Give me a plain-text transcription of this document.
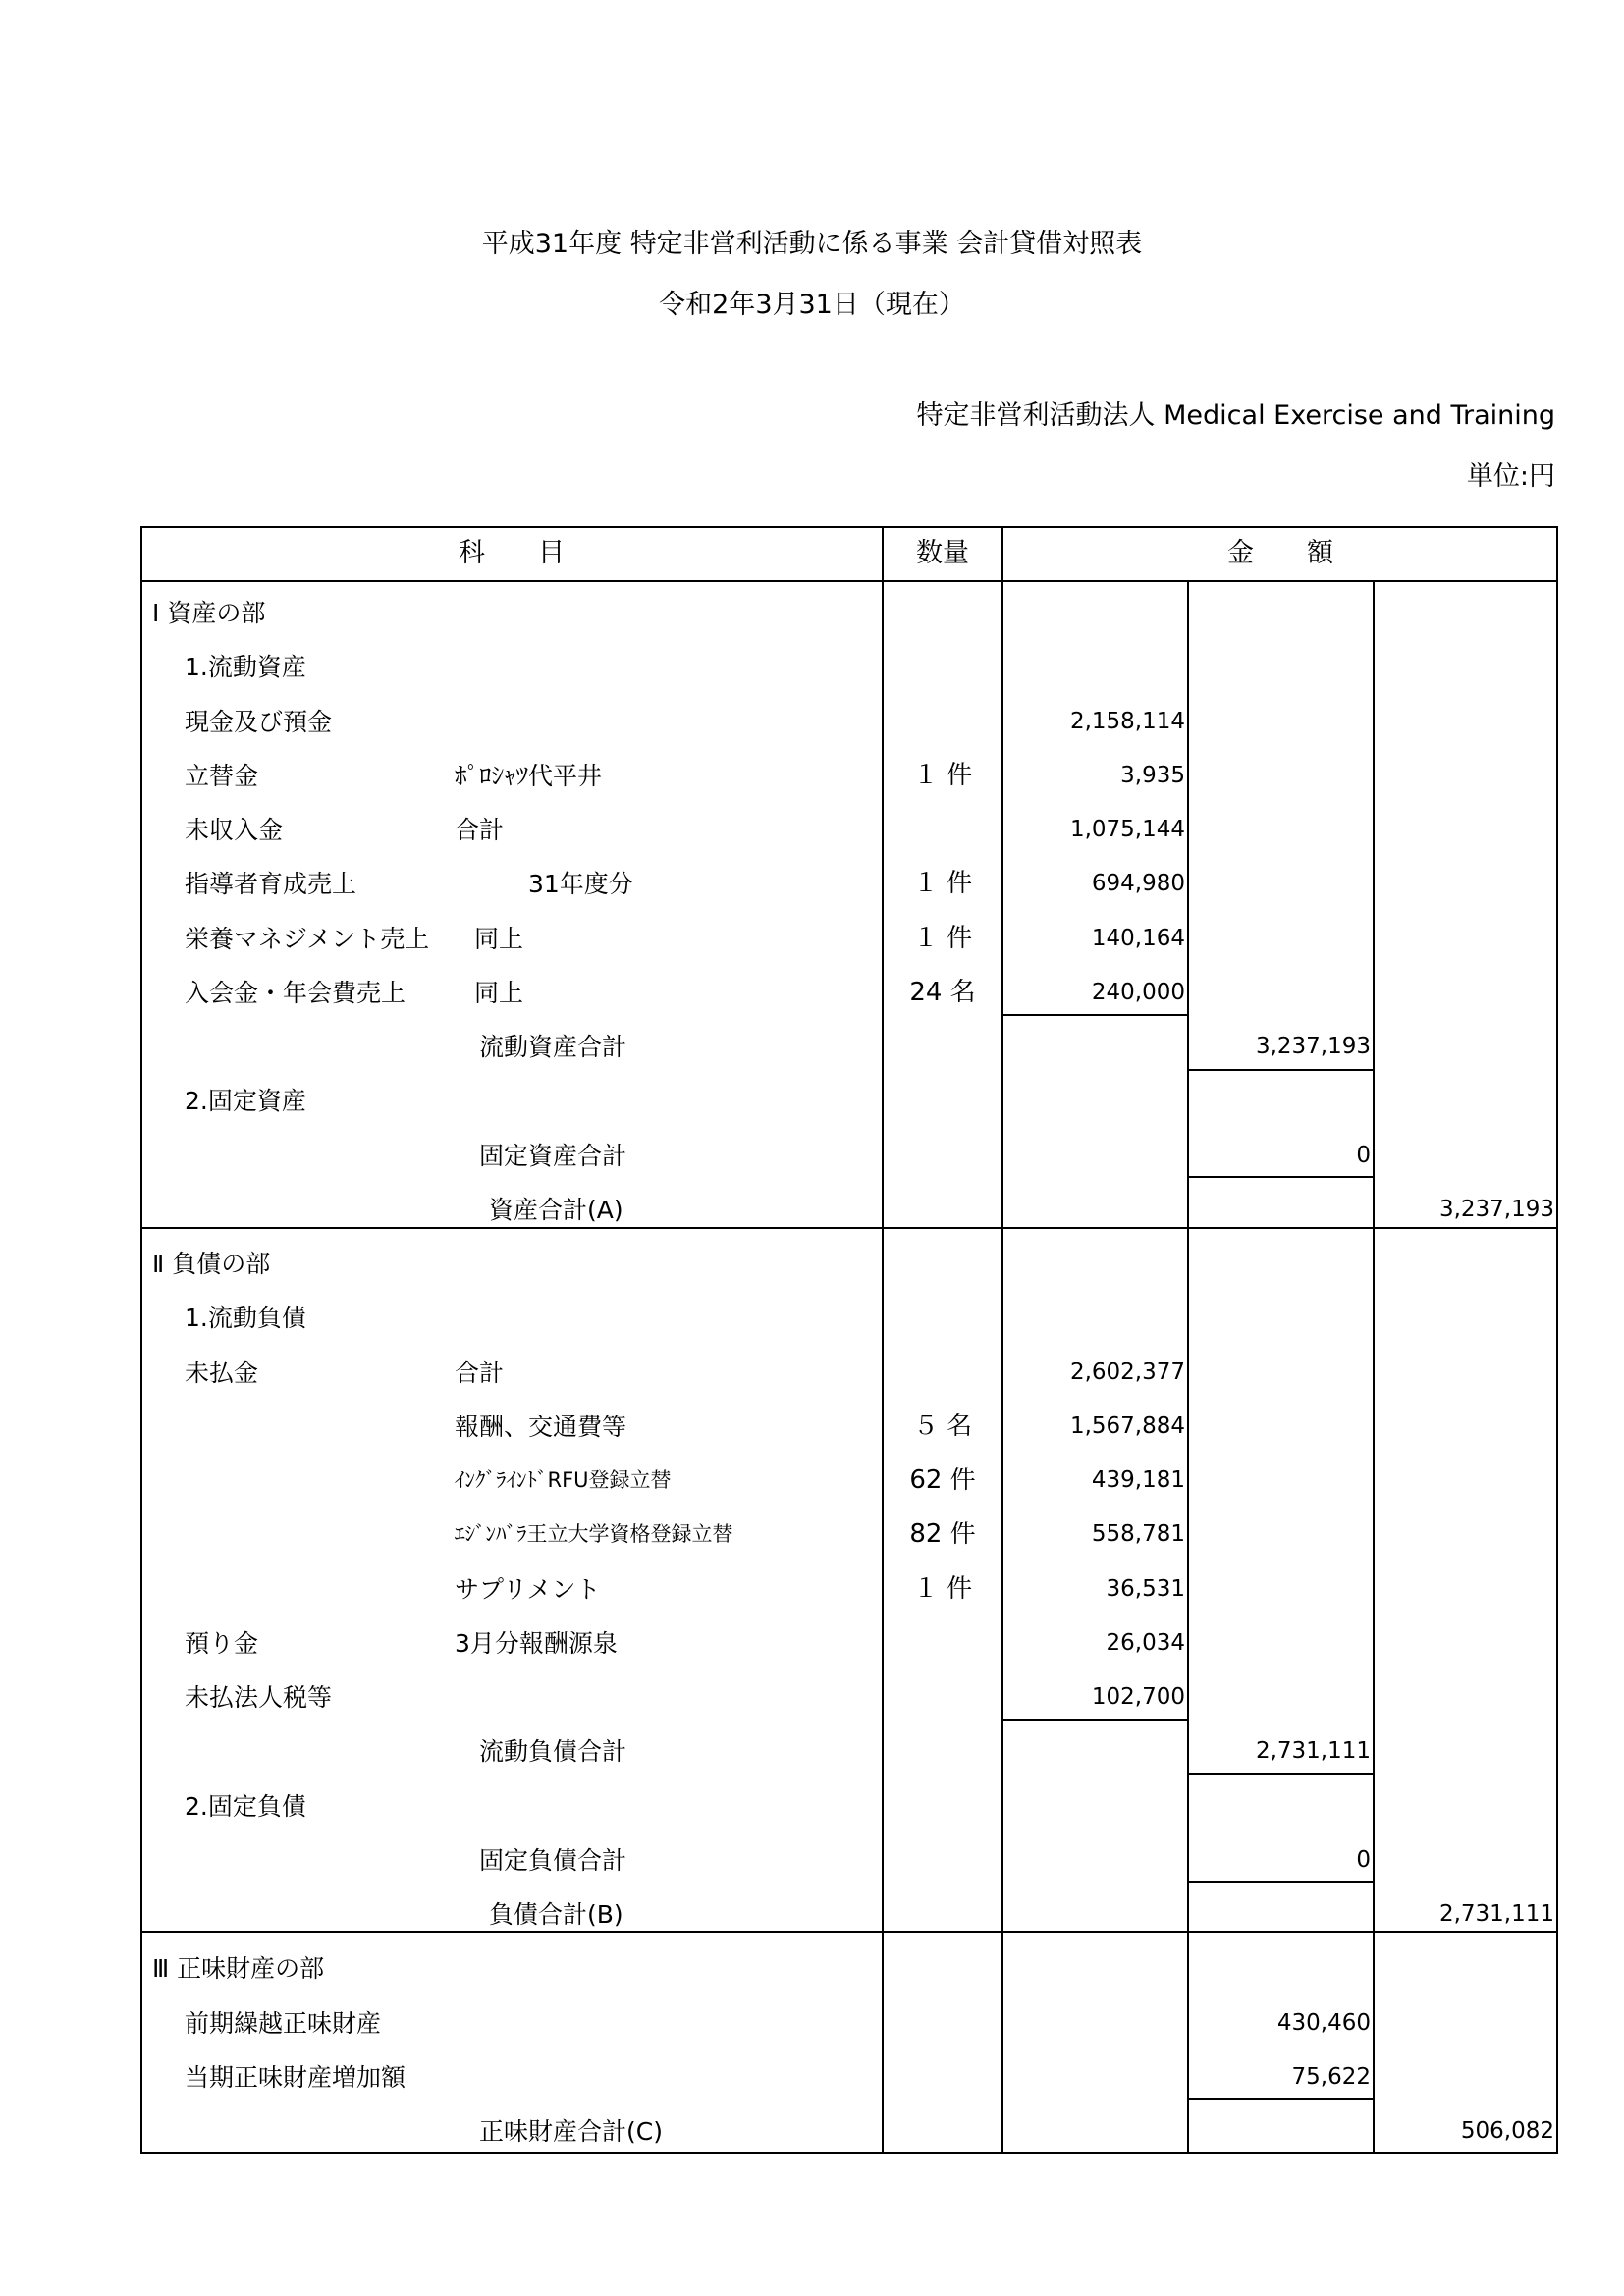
平成31年度 特定非営利活動に係る事業 会計貸借対照表
令和2年3月31日（現在）
特定非営利活動法人 Medical Exercise and Training
単位:円
科　　目	数量	金　　額
Ⅰ 資産の部
1.流動資産
現金及び預金	2,158,114
立替金	ﾎﾟﾛｼｬﾂ代平井	１ 件	3,935
未収入金	合計	1,075,144
指導者育成売上	31年度分	１ 件	694,980
栄養マネジメント売上 同上	１ 件	140,164
入会金・年会費売上	同上	24 名	240,000
流動資産合計	3,237,193
2.固定資産
固定資産合計	0
資産合計(A)	3,237,193
Ⅱ 負債の部
1.流動負債
未払金	合計	2,602,377
報酬、交通費等	５ 名	1,567,884
ｲﾝｸﾞﾗｲﾝﾄﾞRFU登録立替	62 件	439,181
ｴｼﾞﾝﾊﾞﾗ王立大学資格登録立替	82 件	558,781
サプリメント	１ 件	36,531
預り金	3月分報酬源泉	26,034
未払法人税等	102,700
流動負債合計	2,731,111
2.固定負債
固定負債合計	0
負債合計(B)	2,731,111
Ⅲ 正味財産の部
前期繰越正味財産	430,460
当期正味財産増加額	75,622
正味財産合計(C)	506,082
